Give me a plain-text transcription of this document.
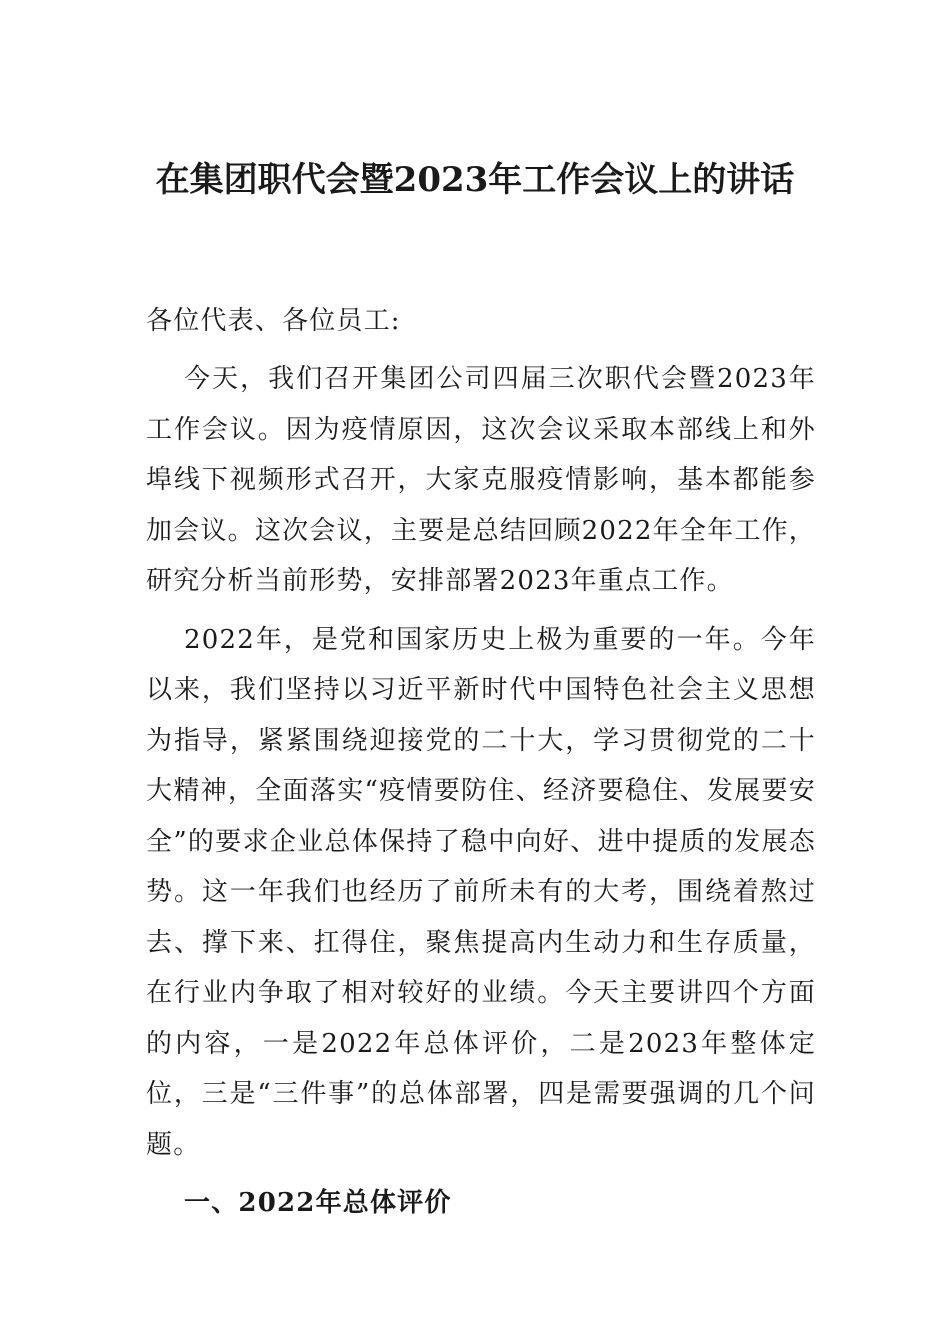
在集团职代会暨2023年工作会议上的讲话

各位代表、各位员工:

今天，我们召开集团公司四届三次职代会暨2023年工作会议。因为疫情原因，这次会议采取本部线上和外埠线下视频形式召开，大家克服疫情影响，基本都能参加会议。这次会议，主要是总结回顾2022年全年工作，研究分析当前形势，安排部署2023年重点工作。

2022年，是党和国家历史上极为重要的一年。今年以来，我们坚持以习近平新时代中国特色社会主义思想为指导，紧紧围绕迎接党的二十大，学习贯彻党的二十大精神，全面落实“疫情要防住、经济要稳住、发展要安全”的要求企业总体保持了稳中向好、进中提质的发展态势。这一年我们也经历了前所未有的大考，围绕着熬过去、撑下来、扛得住，聚焦提高内生动力和生存质量，在行业内争取了相对较好的业绩。今天主要讲四个方面的内容，一是2022年总体评价，二是2023年整体定位，三是“三件事”的总体部署，四是需要强调的几个问题。

一、2022年总体评价
